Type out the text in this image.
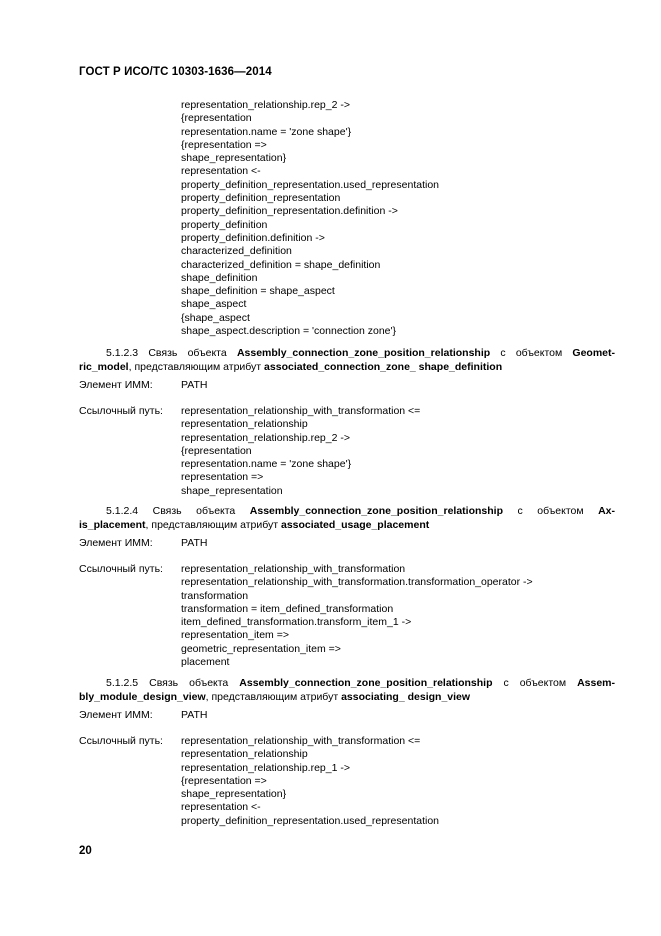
ГОСТ Р ИСО/ТС 10303-1636—2014
representation_relationship.rep_2 ->
{representation
representation.name = 'zone shape'}
{representation =>
shape_representation}
representation <-
property_definition_representation.used_representation
property_definition_representation
property_definition_representation.definition ->
property_definition
property_definition.definition ->
characterized_definition
characterized_definition = shape_definition
shape_definition
shape_definition = shape_aspect
shape_aspect
{shape_aspect
shape_aspect.description = 'connection zone'}
5.1.2.3 Связь объекта Assembly_connection_zone_position_relationship с объектом Geomet-
ric_model, представляющим атрибут associated_connection_zone_ shape_definition
Элемент ИММ:	PATH
Ссылочный путь: representation_relationship_with_transformation <=
representation_relationship
representation_relationship.rep_2 ->
{representation
representation.name = 'zone shape'}
representation =>
shape_representation
5.1.2.4 Связь объекта Assembly_connection_zone_position_relationship с объектом Ax-
is_placement, представляющим атрибут associated_usage_placement
Элемент ИММ:	PATH
Ссылочный путь: representation_relationship_with_transformation
representation_relationship_with_transformation.transformation_operator ->
transformation
transformation = item_defined_transformation
item_defined_transformation.transform_item_1 ->
representation_item =>
geometric_representation_item =>
placement
5.1.2.5 Связь объекта Assembly_connection_zone_position_relationship с объектом Assem-
bly_module_design_view, представляющим атрибут associating_ design_view
Элемент ИММ:	PATH
Ссылочный путь: representation_relationship_with_transformation <=
representation_relationship
representation_relationship.rep_1 ->
{representation =>
shape_representation}
representation <-
property_definition_representation.used_representation
20
